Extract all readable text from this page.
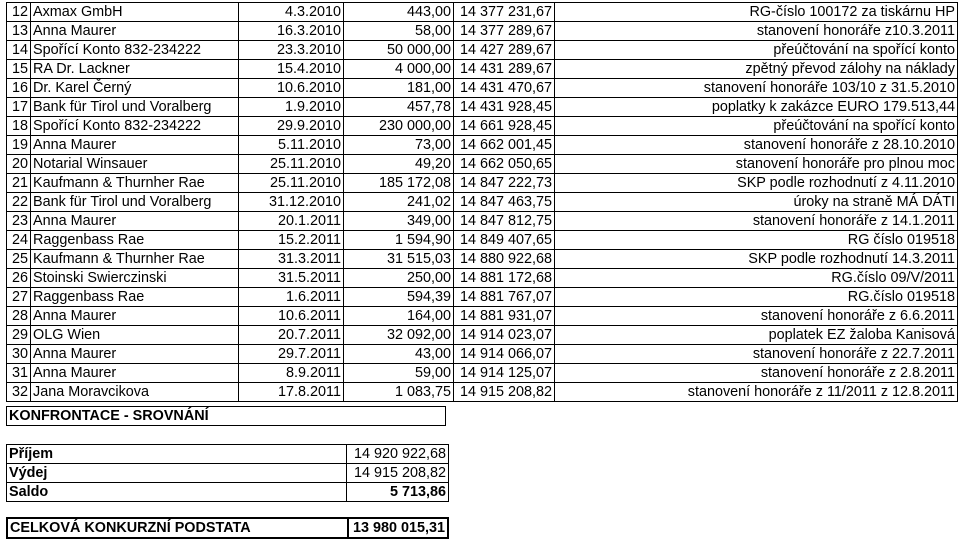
12	Axmax GmbH	4.3.2010	443,00	14 377 231,67	RG-číslo 100172 za tiskárnu HP
13	Anna Maurer	16.3.2010	58,00	14 377 289,67	stanovení honoráře z10.3.2011
14	Spořící Konto 832-234222	23.3.2010	50 000,00	14 427 289,67	přeúčtování na spořící konto
15	RA Dr. Lackner	15.4.2010	4 000,00	14 431 289,67	zpětný převod zálohy na náklady
16	Dr. Karel Černý	10.6.2010	181,00	14 431 470,67	stanovení honoráře 103/10 z 31.5.2010
17	Bank für Tirol und Voralberg	1.9.2010	457,78	14 431 928,45	poplatky k zakázce EURO 179.513,44
18	Spořící Konto 832-234222	29.9.2010	230 000,00	14 661 928,45	přeúčtování na spořící konto
19	Anna Maurer	5.11.2010	73,00	14 662 001,45	stanovení honoráře z 28.10.2010
20	Notarial Winsauer	25.11.2010	49,20	14 662 050,65	stanovení honoráře pro plnou moc
21	Kaufmann & Thurnher Rae	25.11.2010	185 172,08	14 847 222,73	SKP podle rozhodnutí z 4.11.2010
22	Bank für Tirol und Voralberg	31.12.2010	241,02	14 847 463,75	úroky na straně MÁ DÁTI
23	Anna Maurer	20.1.2011	349,00	14 847 812,75	stanovení honoráře z 14.1.2011
24	Raggenbass Rae	15.2.2011	1 594,90	14 849 407,65	RG číslo 019518
25	Kaufmann & Thurnher Rae	31.3.2011	31 515,03	14 880 922,68	SKP podle rozhodnutí 14.3.2011
26	Stoinski Swierczinski	31.5.2011	250,00	14 881 172,68	RG.číslo 09/V/2011
27	Raggenbass Rae	1.6.2011	594,39	14 881 767,07	RG.číslo 019518
28	Anna Maurer	10.6.2011	164,00	14 881 931,07	stanovení honoráře z 6.6.2011
29	OLG Wien	20.7.2011	32 092,00	14 914 023,07	poplatek EZ žaloba Kanisová
30	Anna Maurer	29.7.2011	43,00	14 914 066,07	stanovení honoráře z 22.7.2011
31	Anna Maurer	8.9.2011	59,00	14 914 125,07	stanovení honoráře z 2.8.2011
32	Jana Moravcikova	17.8.2011	1 083,75	14 915 208,82	stanovení honoráře z 11/2011 z 12.8.2011
KONFRONTACE - SROVNÁNÍ
Příjem	14 920 922,68
Výdej	14 915 208,82
Saldo	5 713,86
CELKOVÁ KONKURZNÍ PODSTATA	13 980 015,31
